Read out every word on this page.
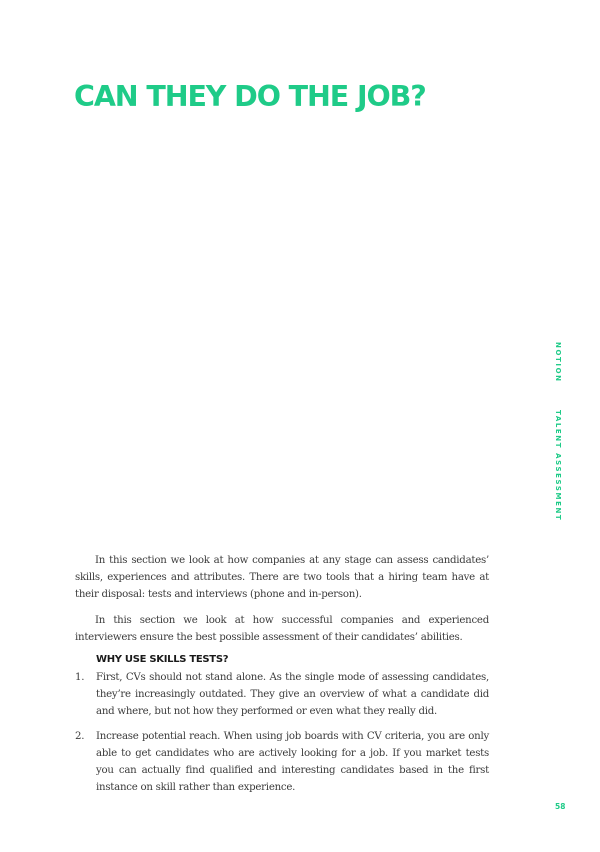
CAN THEY DO THE JOB?
NOTION
TALENT ASSESSMENT

In this section we look at how companies at any stage can assess candidates’ skills, experiences and attributes. There are two tools that a hiring team have at their disposal: tests and interviews (phone and in-person).

In this section we look at how successful companies and experienced interviewers ensure the best possible assessment of their candidates’ abilities.

WHY USE SKILLS TESTS?
1.	First, CVs should not stand alone. As the single mode of assessing candidates, they’re increasingly outdated. They give an overview of what a candidate did and where, but not how they performed or even what they really did.
2.	Increase potential reach. When using job boards with CV criteria, you are only able to get candidates who are actively looking for a job. If you market tests you can actually find qualified and interesting candidates based in the first instance on skill rather than experience.
58
